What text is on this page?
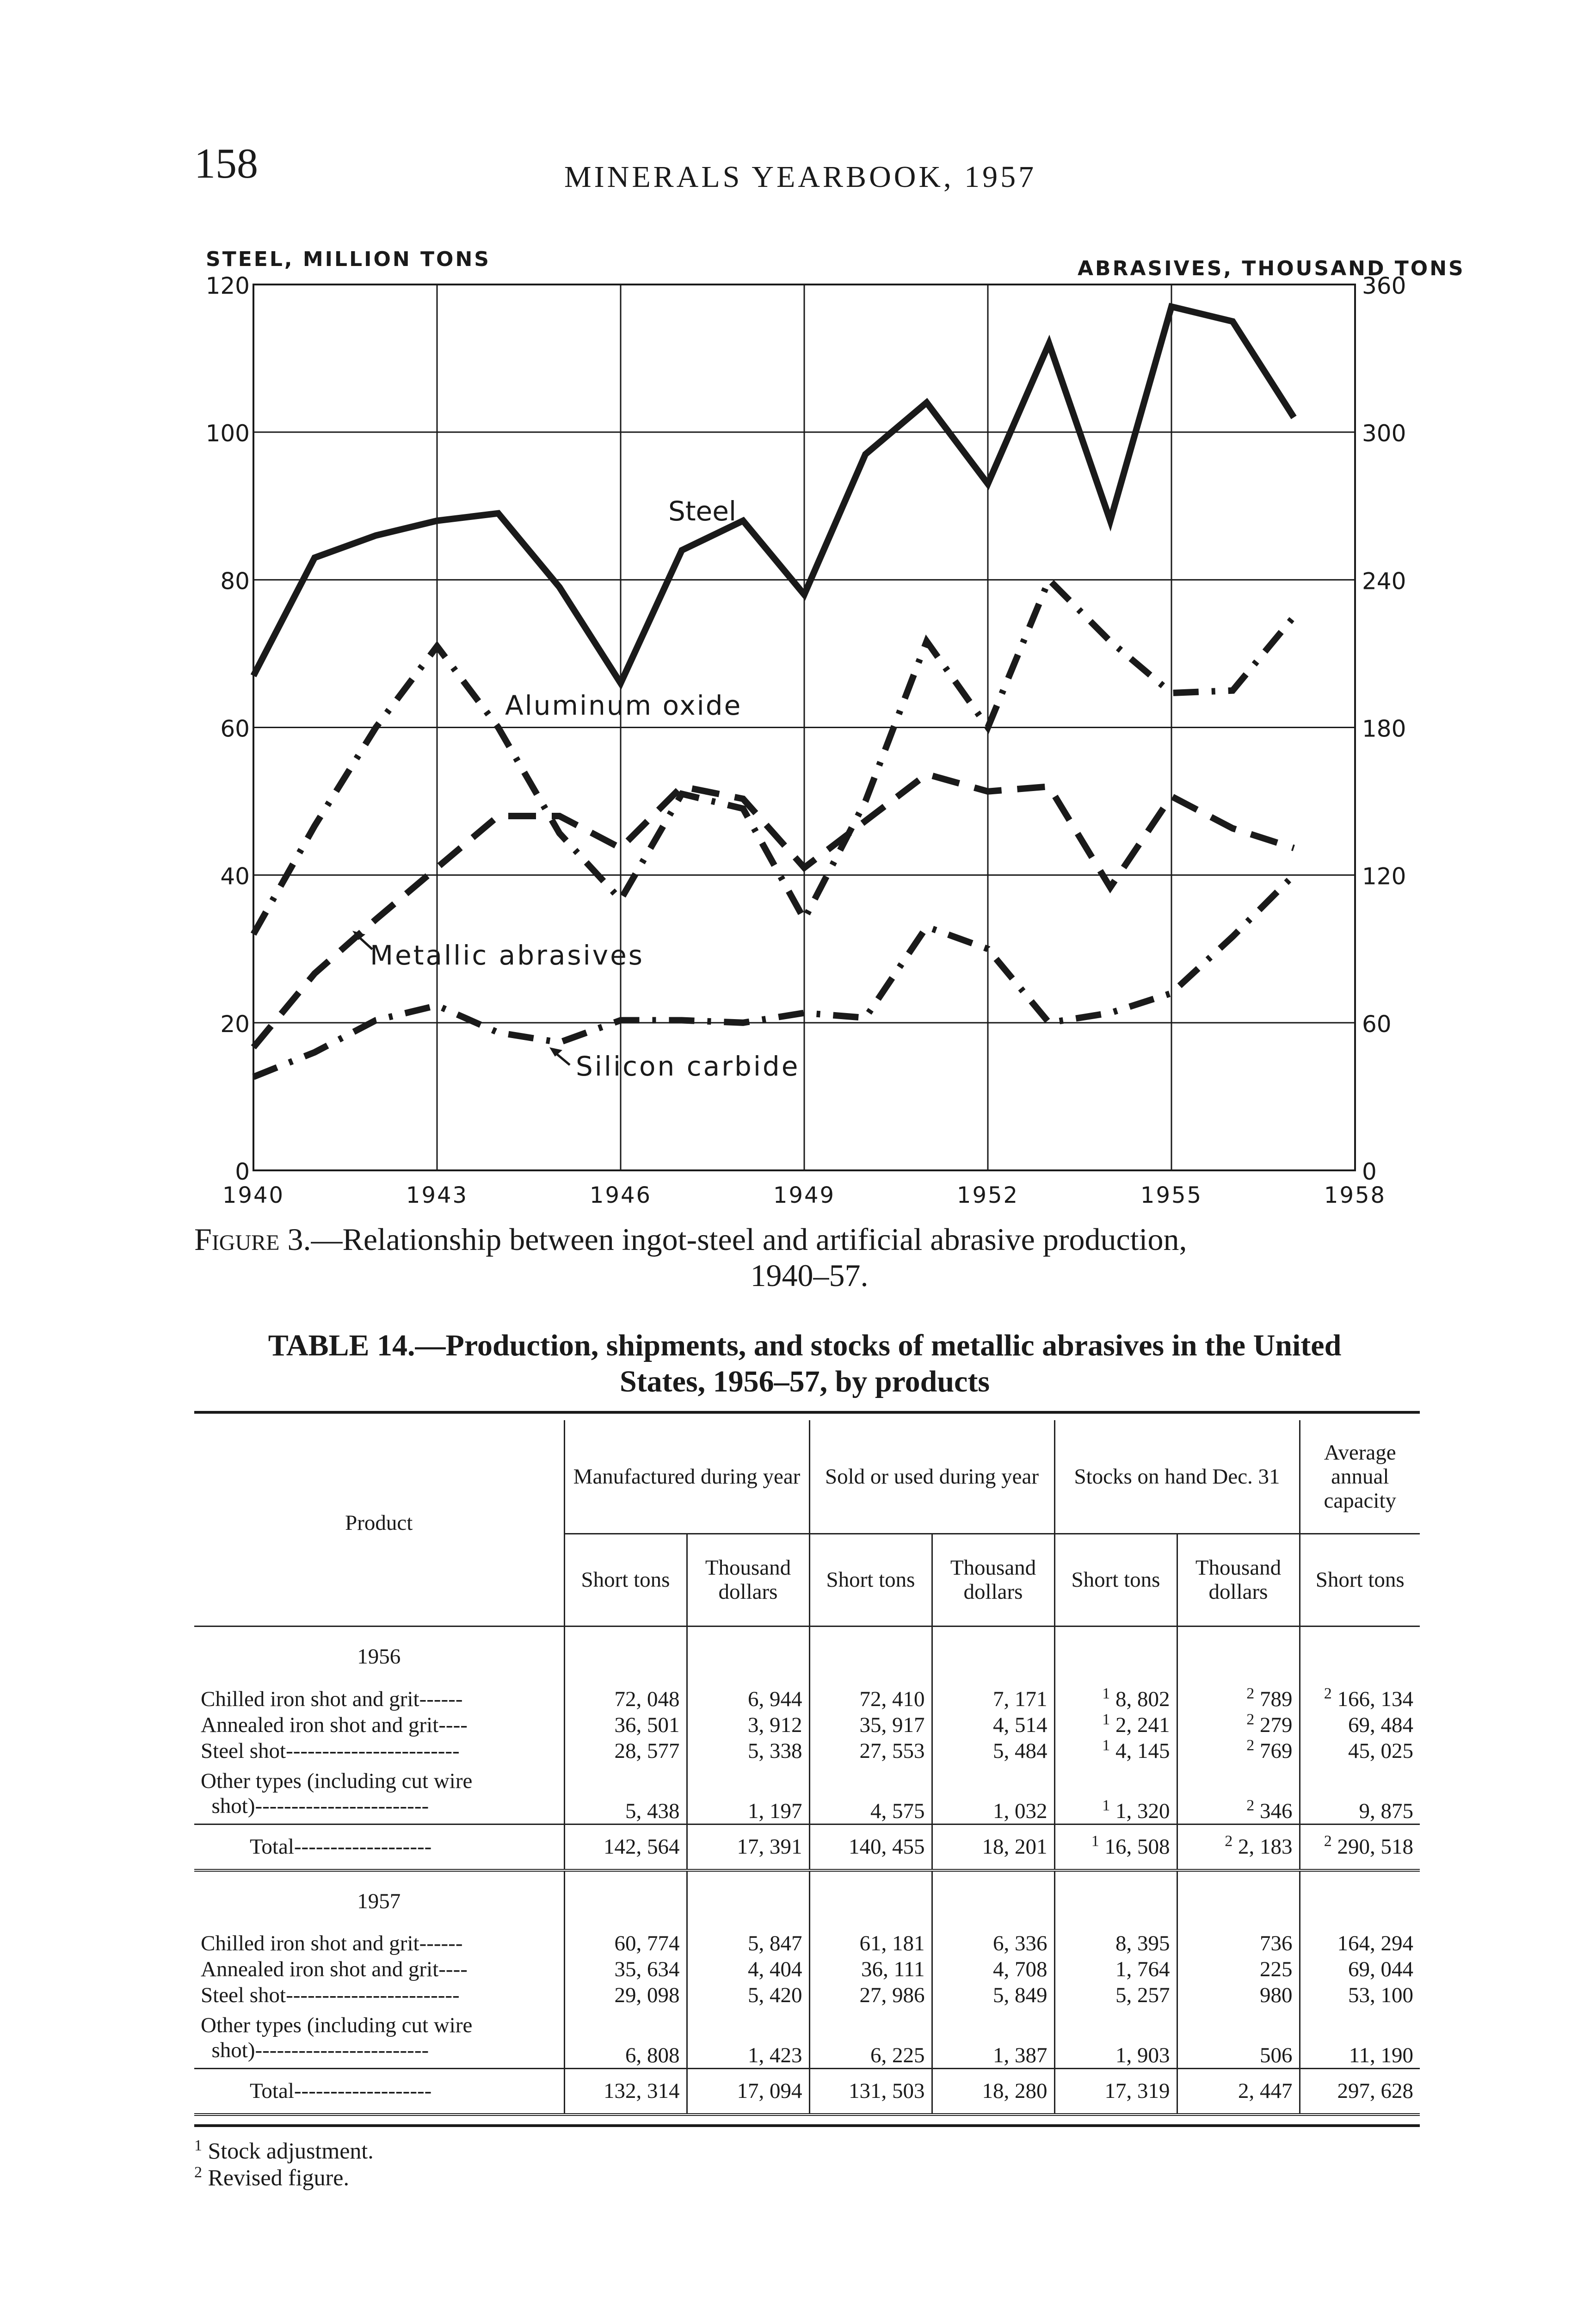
158	MINERALS YEARBOOK, 1957
STEEL, MILLION TONS	ABRASIVES, THOUSAND TONS
120
100
80
60
40
20
0
360
300
240
180
120
60
0
1940	1943	1946	1949	1952	1955	1958
Steel
Aluminum oxide
Metallic abrasives
Silicon carbide
Figure 3.—Relationship between ingot-steel and artificial abrasive production,
1940–57.
TABLE 14.—Production, shipments, and stocks of metallic abrasives in the United
States, 1956–57, by products
Product	Manufactured during year		Sold or used during year		Stocks on hand Dec. 31		Average annual capacity
	Short tons	Thousand dollars	Short tons	Thousand dollars	Short tons	Thousand dollars	Short tons
1956							
Chilled iron shot and grit------	72, 048	6, 944	72, 410	7, 171	$^1$ 8, 802	$^2$ 789	$^2$ 166, 134
Annealed iron shot and grit----	36, 501	3, 912	35, 917	4, 514	$^1$ 2, 241	$^2$ 279	69, 484
Steel shot------------------------	28, 577	5, 338	27, 553	5, 484	$^1$ 4, 145	$^2$ 769	45, 025

Other types (including cut wire
shot)------------------------	5, 438	1, 197	4, 575	1, 032	$^1$ 1, 320	$^2$ 346	9, 875
Total-------------------	142, 564	17, 391	140, 455	18, 201	$^1$ 16, 508	$^2$ 2, 183	$^2$ 290, 518
1957							
Chilled iron shot and grit------	60, 774	5, 847	61, 181	6, 336	8, 395	736	164, 294
Annealed iron shot and grit----	35, 634	4, 404	36, 111	4, 708	1, 764	225	69, 044
Steel shot------------------------	29, 098	5, 420	27, 986	5, 849	5, 257	980	53, 100

Other types (including cut wire
shot)------------------------	6, 808	1, 423	6, 225	1, 387	1, 903	506	11, 190
Total-------------------	132, 314	17, 094	131, 503	18, 280	17, 319	2, 447	297, 628
$^1$ Stock adjustment.
$^2$ Revised figure.
